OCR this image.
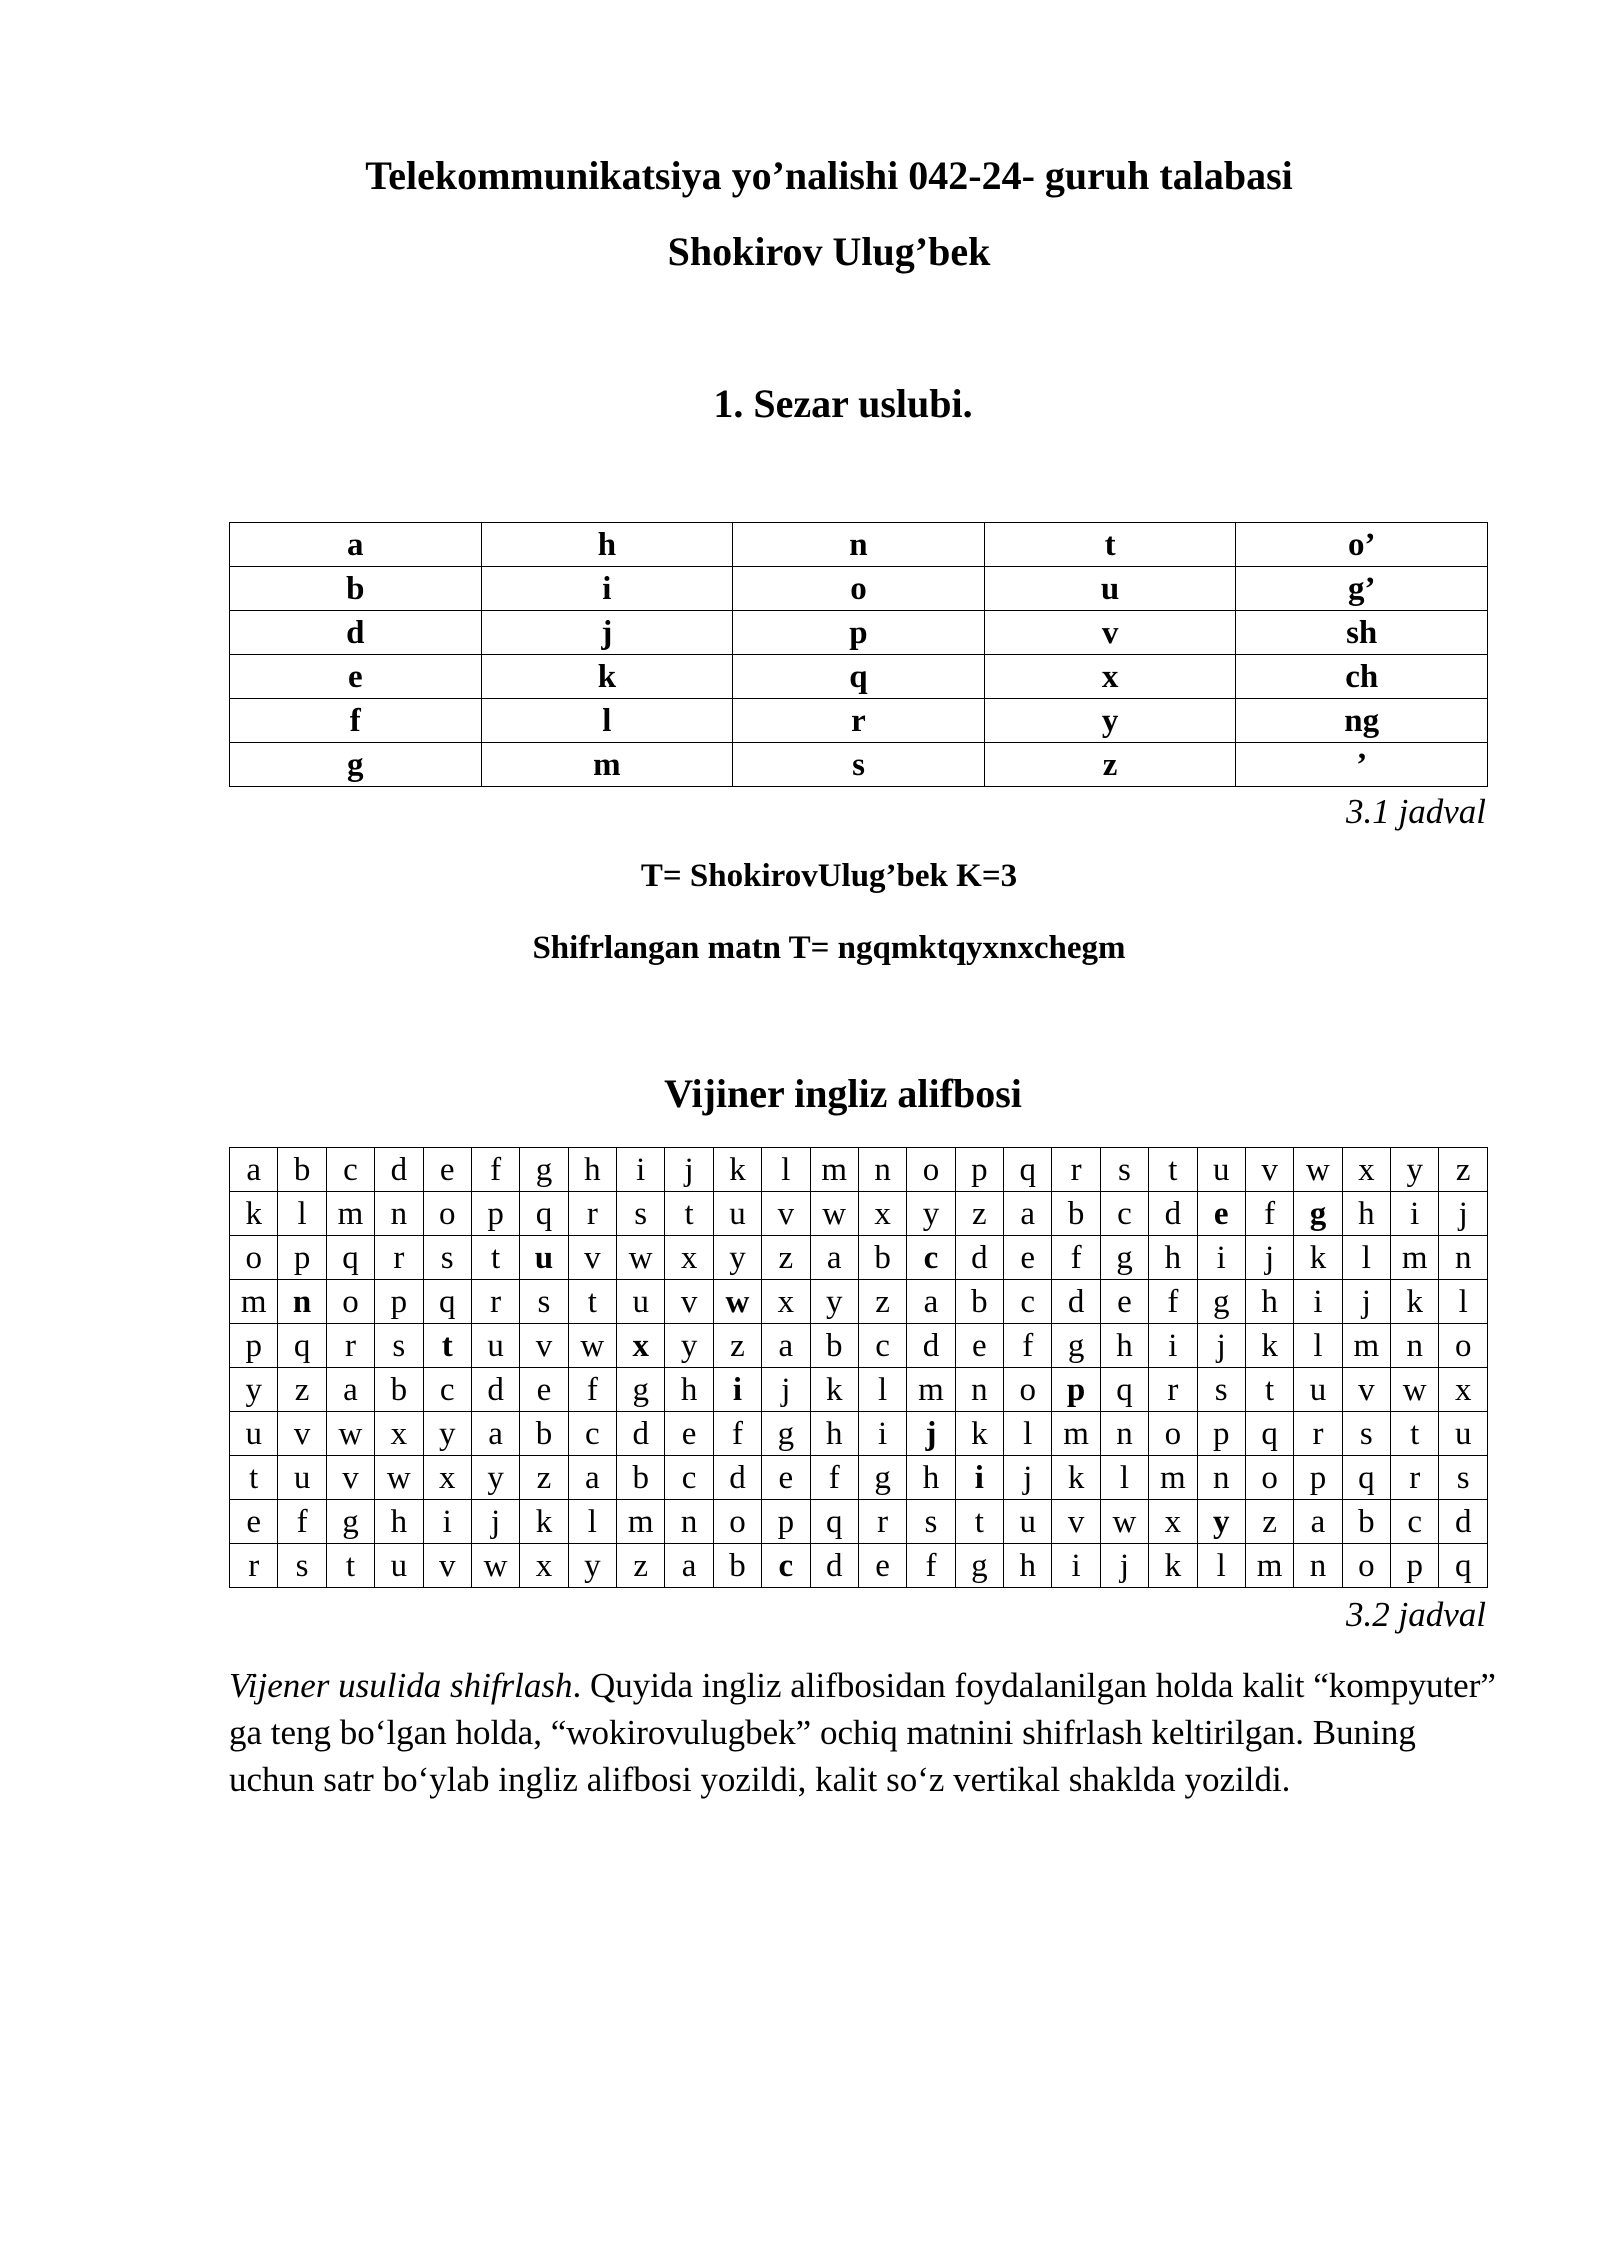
Telekommunikatsiya yo’nalishi 042-24- guruh talabasi
Shokirov Ulug’bek
1. Sezar uslubi.
a	h	n	t	o’
b	i	o	u	g’
d	j	p	v	sh
e	k	q	x	ch
f	l	r	y	ng
g	m	s	z	’
3.1 jadval
T= ShokirovUlug’bek K=3
Shifrlangan matn T= ngqmktqyxnxchegm
Vijiner ingliz alifbosi
a	b	c	d	e	f	g	h	i	j	k	l	m	n	o	p	q	r	s	t	u	v	w	x	y	z
k	l	m	n	o	p	q	r	s	t	u	v	w	x	y	z	a	b	c	d	e	f	g	h	i	j
o	p	q	r	s	t	u	v	w	x	y	z	a	b	c	d	e	f	g	h	i	j	k	l	m	n
m	n	o	p	q	r	s	t	u	v	w	x	y	z	a	b	c	d	e	f	g	h	i	j	k	l
p	q	r	s	t	u	v	w	x	y	z	a	b	c	d	e	f	g	h	i	j	k	l	m	n	o
y	z	a	b	c	d	e	f	g	h	i	j	k	l	m	n	o	p	q	r	s	t	u	v	w	x
u	v	w	x	y	a	b	c	d	e	f	g	h	i	j	k	l	m	n	o	p	q	r	s	t	u
t	u	v	w	x	y	z	a	b	c	d	e	f	g	h	i	j	k	l	m	n	o	p	q	r	s
e	f	g	h	i	j	k	l	m	n	o	p	q	r	s	t	u	v	w	x	y	z	a	b	c	d
r	s	t	u	v	w	x	y	z	a	b	c	d	e	f	g	h	i	j	k	l	m	n	o	p	q
3.2 jadval
Vijener usulida shifrlash. Quyida ingliz alifbosidan foydalanilgan holda kalit “kompyuter” ga teng bo‘lgan holda, “wokirovulugbek” ochiq matnini shifrlash keltirilgan. Buning uchun satr bo‘ylab ingliz alifbosi yozildi, kalit so‘z vertikal shaklda yozildi.
